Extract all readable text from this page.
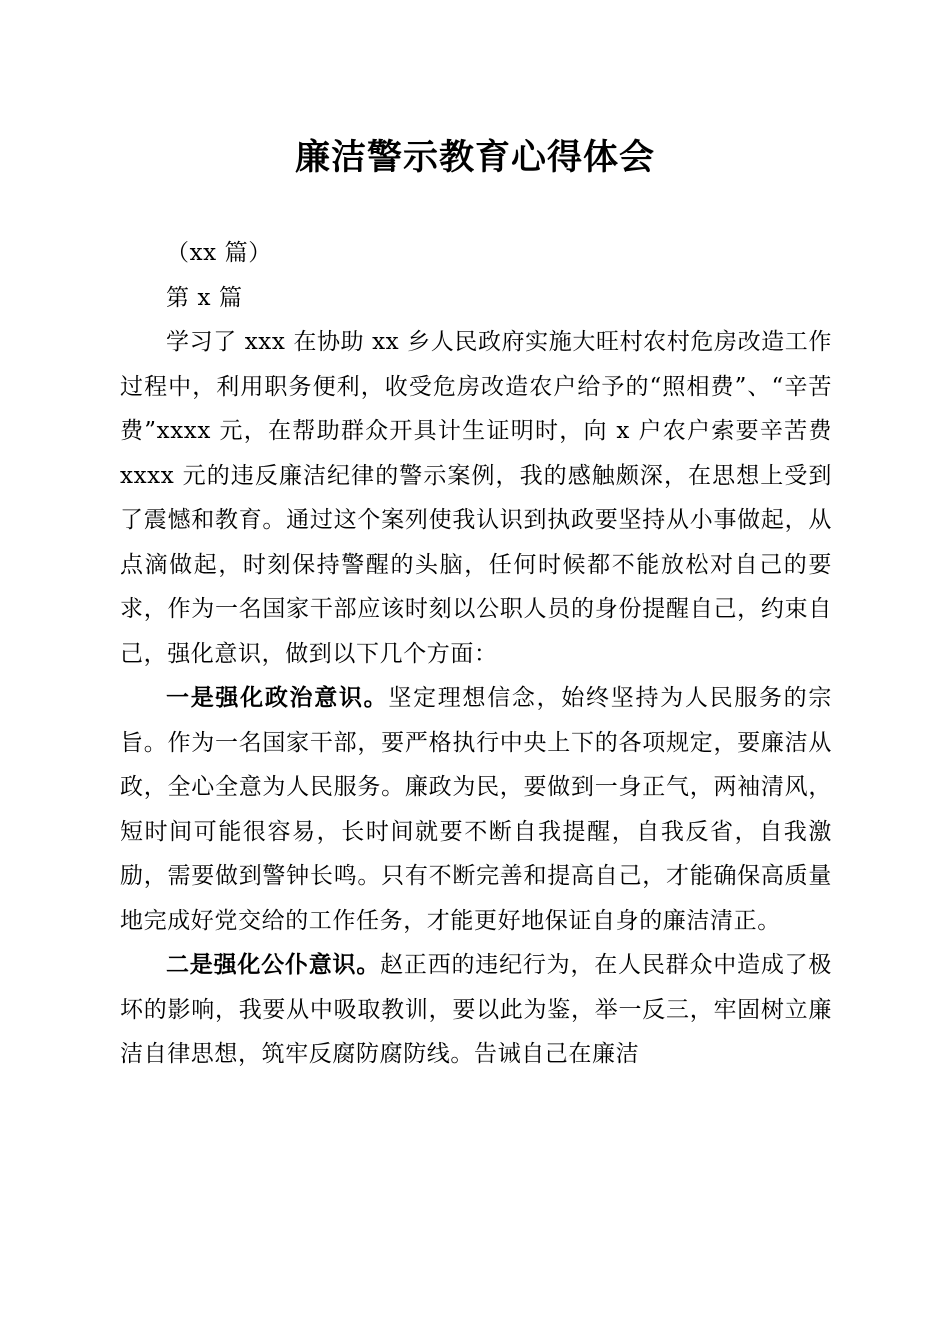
廉洁警示教育心得体会

（xx 篇）

第 x 篇

学习了 xxx 在协助 xx 乡人民政府实施大旺村农村危房改造工作过程中，利用职务便利，收受危房改造农户给予的“照相费”、“辛苦费”xxxx 元，在帮助群众开具计生证明时，向 x 户农户索要辛苦费 xxxx 元的违反廉洁纪律的警示案例，我的感触颇深，在思想上受到了震憾和教育。通过这个案列使我认识到执政要坚持从小事做起，从点滴做起，时刻保持警醒的头脑，任何时候都不能放松对自己的要求，作为一名国家干部应该时刻以公职人员的身份提醒自己，约束自己，强化意识，做到以下几个方面：

一是强化政治意识。坚定理想信念，始终坚持为人民服务的宗旨。作为一名国家干部，要严格执行中央上下的各项规定，要廉洁从政，全心全意为人民服务。廉政为民，要做到一身正气，两袖清风，短时间可能很容易，长时间就要不断自我提醒，自我反省，自我激励，需要做到警钟长鸣。只有不断完善和提高自己，才能确保高质量地完成好党交给的工作任务，才能更好地保证自身的廉洁清正。

二是强化公仆意识。赵正西的违纪行为，在人民群众中造成了极坏的影响，我要从中吸取教训，要以此为鉴，举一反三，牢固树立廉洁自律思想，筑牢反腐防腐防线。告诫自己在廉洁
